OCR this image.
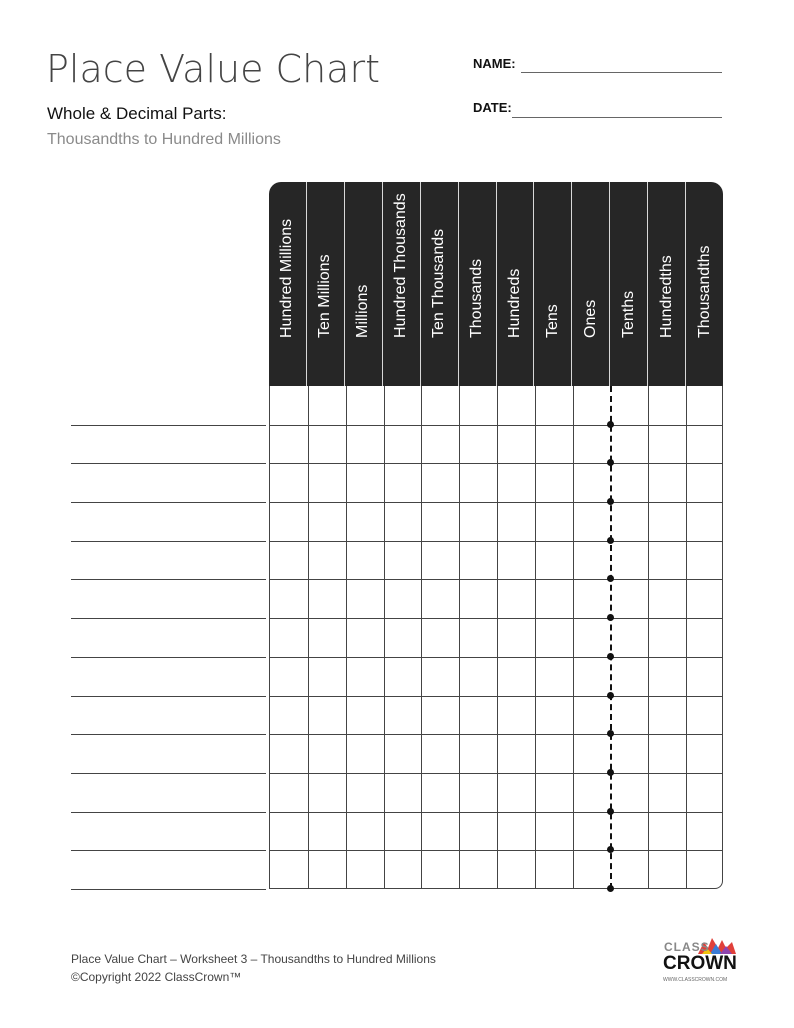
Place Value Chart
Whole & Decimal Parts:
Thousandths to Hundred Millions
NAME:
DATE:
Hundred Millions Ten Millions Millions Hundred Thousands Ten Thousands Thousands Hundreds Tens Ones Tenths Hundredths Thousandths
Place Value Chart – Worksheet 3 – Thousandths to Hundred Millions
©Copyright 2022 ClassCrown™
CLASS
CROWN
WWW.CLASSCROWN.COM
